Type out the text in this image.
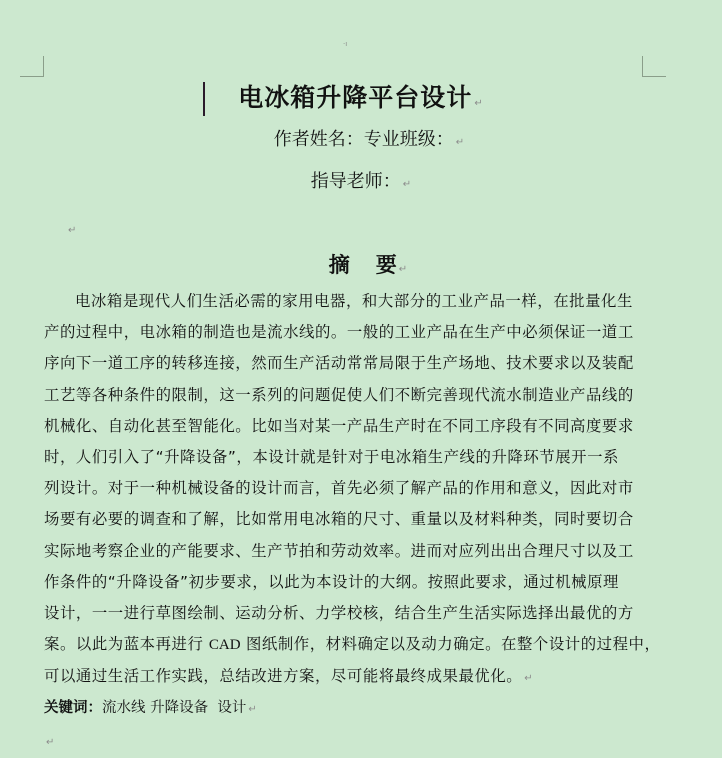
·ı
电冰箱升降平台设计 ↵
作者姓名：专业班级： ↵
指导老师： ↵
↵
摘 要 ↵
电冰箱是现代人们生活必需的家用电器，和大部分的工业产品一样，在批量化生
产的过程中，电冰箱的制造也是流水线的。一般的工业产品在生产中必须保证一道工
序向下一道工序的转移连接，然而生产活动常常局限于生产场地、技术要求以及装配
工艺等各种条件的限制，这一系列的问题促使人们不断完善现代流水制造业产品线的
机械化、自动化甚至智能化。比如当对某一产品生产时在不同工序段有不同高度要求
时，人们引入了“升降设备”，本设计就是针对于电冰箱生产线的升降环节展开一系
列设计。对于一种机械设备的设计而言，首先必须了解产品的作用和意义，因此对市
场要有必要的调查和了解，比如常用电冰箱的尺寸、重量以及材料种类，同时要切合
实际地考察企业的产能要求、生产节拍和劳动效率。进而对应列出出合理尺寸以及工
作条件的“升降设备”初步要求，以此为本设计的大纲。按照此要求，通过机械原理
设计，一一进行草图绘制、运动分析、力学校核，结合生产生活实际选择出最优的方
案。以此为蓝本再进行 CAD 图纸制作，材料确定以及动力确定。在整个设计的过程中，
可以通过生活工作实践，总结改进方案，尽可能将最终成果最优化。 ↵
关键词：流水线 升降设备  设计 ↵
↵
